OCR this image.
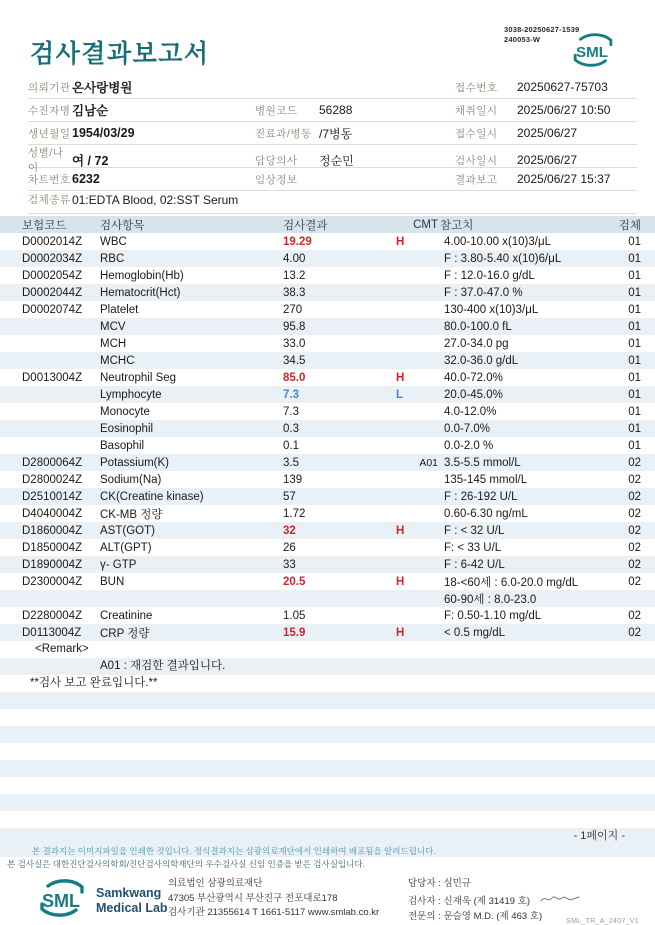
검사결과보고서
3038-20250627-1539
240053-W
SML
의뢰기관 온사랑병원	접수번호	20250627-75703
수진자명 김남순	병원코드	56288	채취일시	2025/06/27 10:50
생년월일 1954/03/29	진료과/병동 /7병동	접수일시	2025/06/27
성별/나이	여 / 72	담당의사	정순민	검사일시	2025/06/27
차트번호 6232	임상정보	결과보고	2025/06/27 15:37
검체종류 01:EDTA Blood, 02:SST Serum
보험코드	검사항목	검사결과	CMT 참고치	검체
D0002014Z	WBC	19.29	H	4.00-10.00 x(10)3/μL	01
D0002034Z	RBC	4.00	F : 3.80-5.40 x(10)6/μL	01
D0002054Z	Hemoglobin(Hb)	13.2	F : 12.0-16.0 g/dL	01
D0002044Z	Hematocrit(Hct)	38.3	F : 37.0-47.0 %	01
D0002074Z	Platelet	270	130-400 x(10)3/μL	01
MCV	95.8	80.0-100.0 fL	01
MCH	33.0	27.0-34.0 pg	01
MCHC	34.5	32.0-36.0 g/dL	01
D0013004Z	Neutrophil Seg	85.0	H	40.0-72.0%	01
Lymphocyte	7.3	L	20.0-45.0%	01
Monocyte	7.3	4.0-12.0%	01
Eosinophil	0.3	0.0-7.0%	01
Basophil	0.1	0.0-2.0 %	01
D2800064Z	Potassium(K)	3.5	A01 3.5-5.5 mmol/L	02
D2800024Z	Sodium(Na)	139	135-145 mmol/L	02
D2510014Z	CK(Creatine kinase)	57	F : 26-192 U/L	02
D4040004Z	CK-MB 정량	1.72	0.60-6.30 ng/mL	02
D1860004Z	AST(GOT)	32	H	F : < 32 U/L	02
D1850004Z	ALT(GPT)	26	F: < 33 U/L	02
D1890004Z	γ- GTP	33	F : 6-42 U/L	02
D2300004Z	BUN	20.5	H	18-<60세 : 6.0-20.0 mg/dL	02
60-90세 : 8.0-23.0
D2280004Z	Creatinine	1.05	F: 0.50-1.10 mg/dL	02
D0113004Z	CRP 정량	15.9	H	< 0.5 mg/dL	02
<Remark>
A01 : 재검한 결과입니다.
**검사 보고 완료입니다.**
- 1페이지 -
본 결과지는 이미지파일을 인쇄한 것입니다. 정식결과지는 삼광의료재단에서 인쇄하여 배포됨을 알려드립니다.
본 검사실은 대한진단검사의학회/진단검사의학재단의 우수검사실 신임 인증을 받은 검사실입니다.
SML Samkwang
Medical Lab
의료법인 삼광의료재단
47305 부산광역시 부산진구 전포대로178
검사기관 21355614 T 1661-5117 www.smlab.co.kr
담당자 : 심민규
검사자 : 신재욱 (제 31419 호)
전문의 : 문슬영 M.D. (제 463 호)	SML_TR_A_2407_V1
